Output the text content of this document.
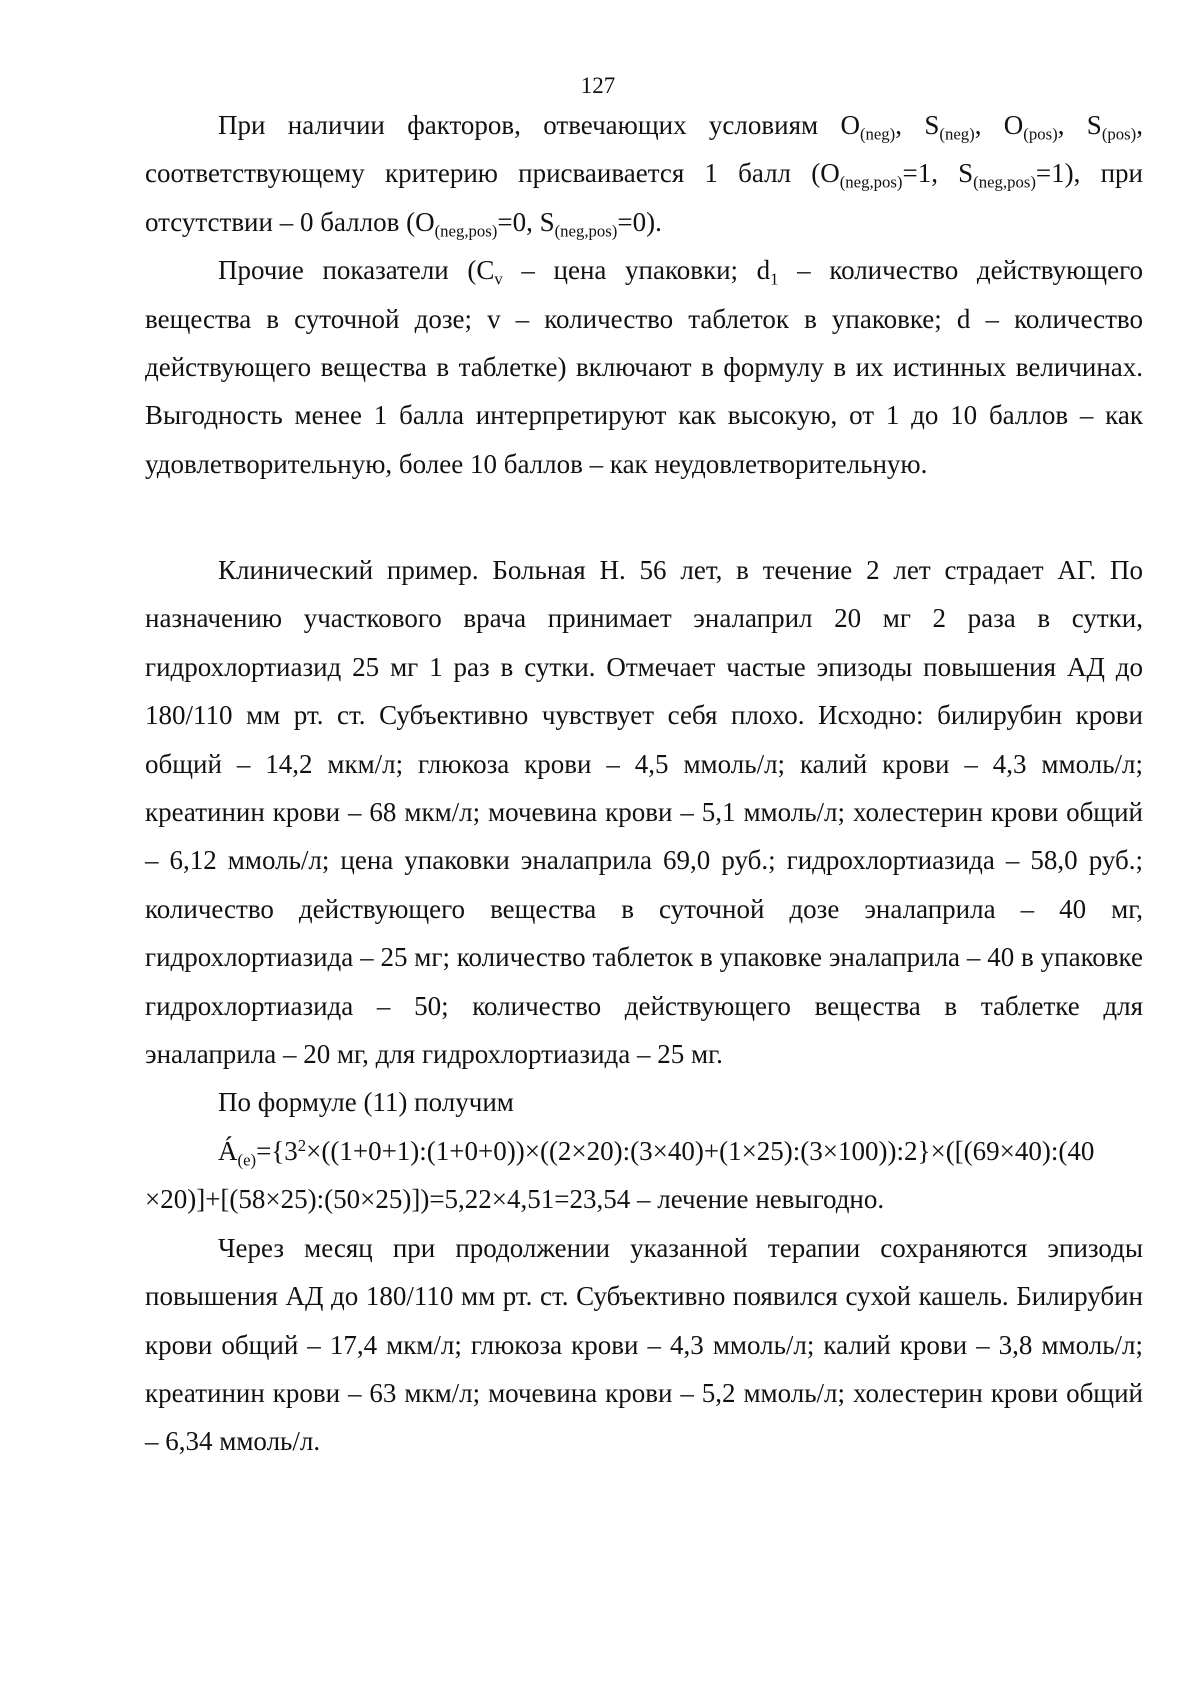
127

При наличии факторов, отвечающих условиям $O_{(neg)}$, $S_{(neg)}$, $O_{(pos)}$, $S_{(pos)}$, соответствующему критерию присваивается 1 балл ($O_{(neg,pos)}=1$, $S_{(neg,pos)}=1$), при отсутствии – 0 баллов ($O_{(neg,pos)}=0$, $S_{(neg,pos)}=0$).

Прочие показатели ($C_v$ – цена упаковки; $d_1$ – количество действующего вещества в суточной дозе; v – количество таблеток в упаковке; d – количество действующего вещества в таблетке) включают в формулу в их истинных величинах. Выгодность менее 1 балла интерпретируют как высокую, от 1 до 10 баллов – как удовлетворительную, более 10 баллов – как неудовлетворительную.

Клинический пример. Больная Н. 56 лет, в течение 2 лет страдает АГ. По назначению участкового врача принимает эналаприл 20 мг 2 раза в сутки, гидрохлортиазид 25 мг 1 раз в сутки. Отмечает частые эпизоды повышения АД до 180/110 мм рт. ст. Субъективно чувствует себя плохо. Исходно: билирубин крови общий – 14,2 мкм/л; глюкоза крови – 4,5 ммоль/л; калий крови – 4,3 ммоль/л; креатинин крови – 68 мкм/л; мочевина крови – 5,1 ммоль/л; холестерин крови общий – 6,12 ммоль/л; цена упаковки эналаприла 69,0 руб.; гидрохлортиазида – 58,0 руб.; количество действующего вещества в суточной дозе эналаприла – 40 мг, гидрохлортиазида – 25 мг; количество таблеток в упаковке эналаприла – 40 в упаковке гидрохлортиазида – 50; количество действующего вещества в таблетке для эналаприла – 20 мг, для гидрохлортиазида – 25 мг.

По формуле (11) получим

$Á_{(e)}=\{3^2\times((1+0+1):(1+0+0))\times((2\times 20):(3\times 40)+(1\times 25):(3\times 100)):2\}\times([(69\times 40):(40$ ×20)]+[(58×25):(50×25)])=5,22×4,51=23,54 – лечение невыгодно.

Через месяц при продолжении указанной терапии сохраняются эпизоды повышения АД до 180/110 мм рт. ст. Субъективно появился сухой кашель. Билирубин крови общий – 17,4 мкм/л; глюкоза крови – 4,3 ммоль/л; калий крови – 3,8 ммоль/л; креатинин крови – 63 мкм/л; мочевина крови – 5,2 ммоль/л; холестерин крови общий – 6,34 ммоль/л.
